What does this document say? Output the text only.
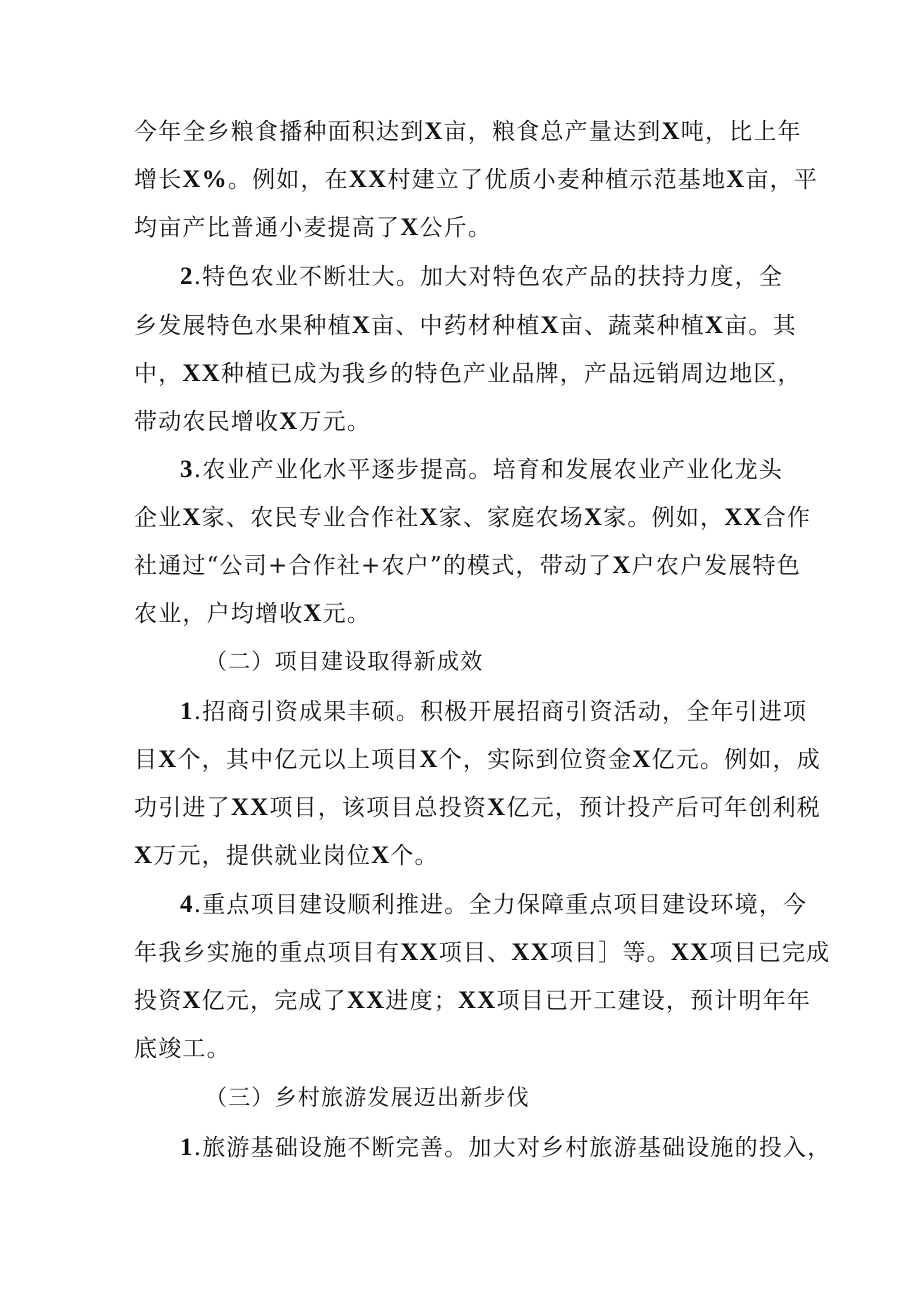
今年全乡粮食播种面积达到X亩，粮食总产量达到X吨，比上年
增长X%。例如，在XX村建立了优质小麦种植示范基地X亩，平
均亩产比普通小麦提高了X公斤。
2.特色农业不断壮大。加大对特色农产品的扶持力度，全
乡发展特色水果种植X亩、中药材种植X亩、蔬菜种植X亩。其
中，XX种植已成为我乡的特色产业品牌，产品远销周边地区，
带动农民增收X万元。
3.农业产业化水平逐步提高。培育和发展农业产业化龙头
企业X家、农民专业合作社X家、家庭农场X家。例如，XX合作
社通过“公司+合作社+农户”的模式，带动了X户农户发展特色
农业，户均增收X元。
（二）项目建设取得新成效
1.招商引资成果丰硕。积极开展招商引资活动，全年引进项
目X个，其中亿元以上项目X个，实际到位资金X亿元。例如，成
功引进了XX项目，该项目总投资X亿元，预计投产后可年创利税
X万元，提供就业岗位X个。
4.重点项目建设顺利推进。全力保障重点项目建设环境，今
年我乡实施的重点项目有XX项目、XX项目］等。XX项目已完成
投资X亿元，完成了XX进度；XX项目已开工建设，预计明年年
底竣工。
（三）乡村旅游发展迈出新步伐
1.旅游基础设施不断完善。加大对乡村旅游基础设施的投入，
